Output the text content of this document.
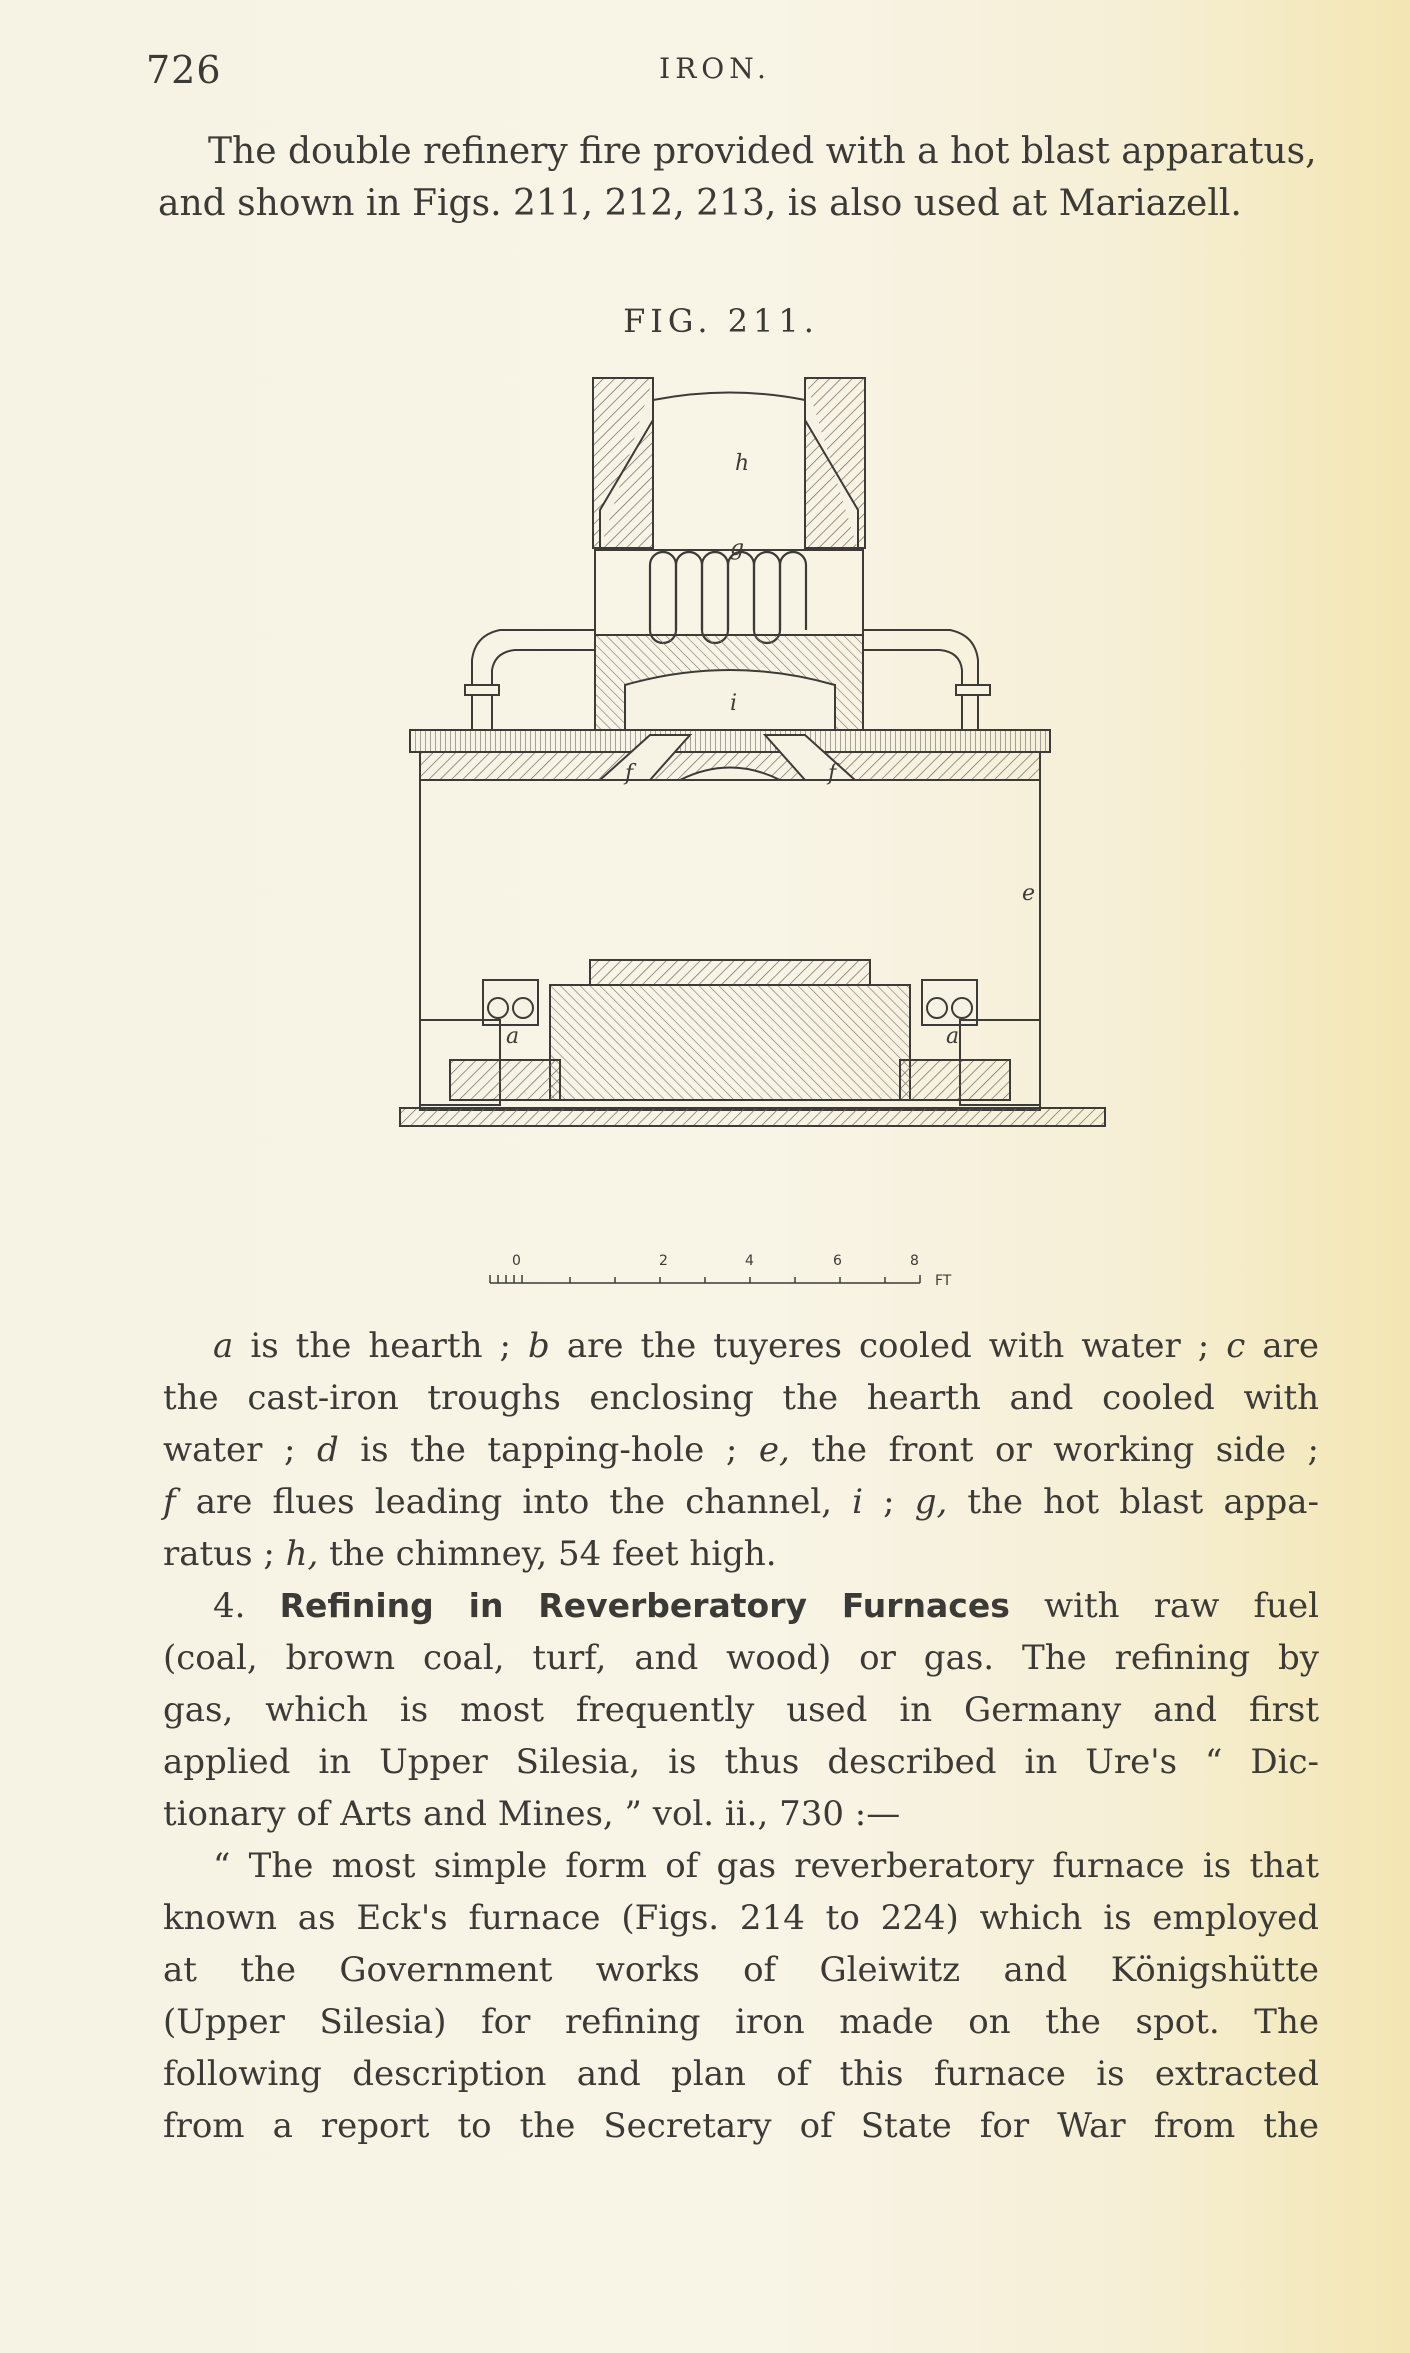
726	IRON.
The double refinery fire provided with a hot blast apparatus,
and shown in Figs. 211, 212, 213, is also used at Mariazell.
FIG. 211.
h
g
i
f	f
e
a	a
0	2	4	6	8
FT

a is the hearth ; b are the tuyeres cooled with water ; c are
the cast-iron troughs enclosing the hearth and cooled with
water ; d is the tapping-hole ; e, the front or working side ;
f are flues leading into the channel, i ; g, the hot blast appa-
ratus ; h, the chimney, 54 feet high.

4. Refining in Reverberatory Furnaces with raw fuel
(coal, brown coal, turf, and wood) or gas. The refining by
gas, which is most frequently used in Germany and first
applied in Upper Silesia, is thus described in Ure's “ Dic-
tionary of Arts and Mines, ” vol. ii., 730 :—

“ The most simple form of gas reverberatory furnace is that
known as Eck's furnace (Figs. 214 to 224) which is employed
at the Government works of Gleiwitz and Königshütte
(Upper Silesia) for refining iron made on the spot. The
following description and plan of this furnace is extracted
from a report to the Secretary of State for War from the
